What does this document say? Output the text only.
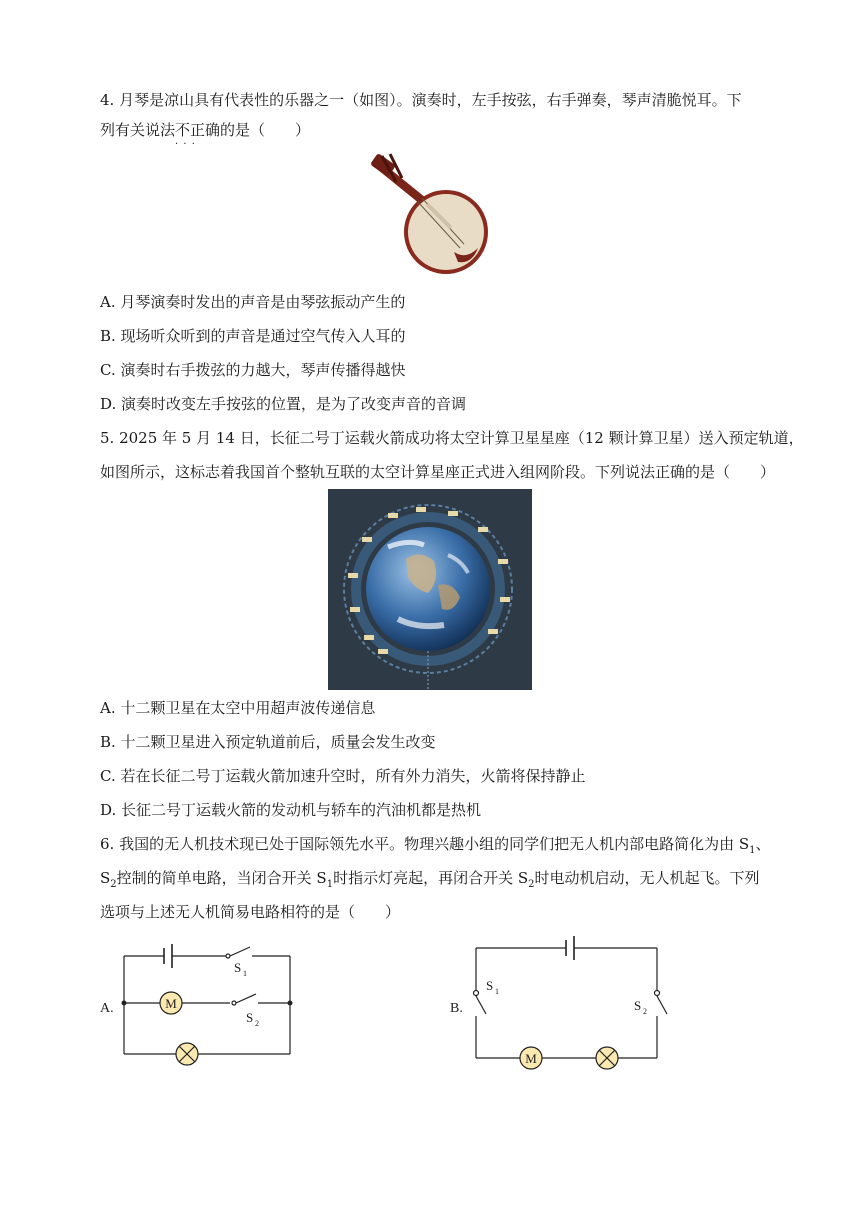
4. 月琴是凉山具有代表性的乐器之一（如图）。演奏时，左手按弦，右手弹奏，琴声清脆悦耳。下
列有关说法不正确 · · ·的是（　　）
A. 月琴演奏时发出的声音是由琴弦振动产生的
B. 现场听众听到的声音是通过空气传入人耳的
C. 演奏时右手拨弦的力越大，琴声传播得越快
D. 演奏时改变左手按弦的位置，是为了改变声音的音调
5. 2025 年 5 月 14 日，长征二号丁运载火箭成功将太空计算卫星星座（12 颗计算卫星）送入预定轨道，
如图所示，这标志着我国首个整轨互联的太空计算星座正式进入组网阶段。下列说法正确的是（　　）
A. 十二颗卫星在太空中用超声波传递信息
B. 十二颗卫星进入预定轨道前后，质量会发生改变
C. 若在长征二号丁运载火箭加速升空时，所有外力消失，火箭将保持静止
D. 长征二号丁运载火箭的发动机与轿车的汽油机都是热机
6. 我国的无人机技术现已处于国际领先水平。物理兴趣小组的同学们把无人机内部电路简化为由 $S_1$、
$S_2$控制的简单电路，当闭合开关 $S_1$时指示灯亮起，再闭合开关 $S_2$时电动机启动，无人机起飞。下列
选项与上述无人机简易电路相符的是（　　）
M
S 1
S 2
A.
M
S 1
S 2
B.
